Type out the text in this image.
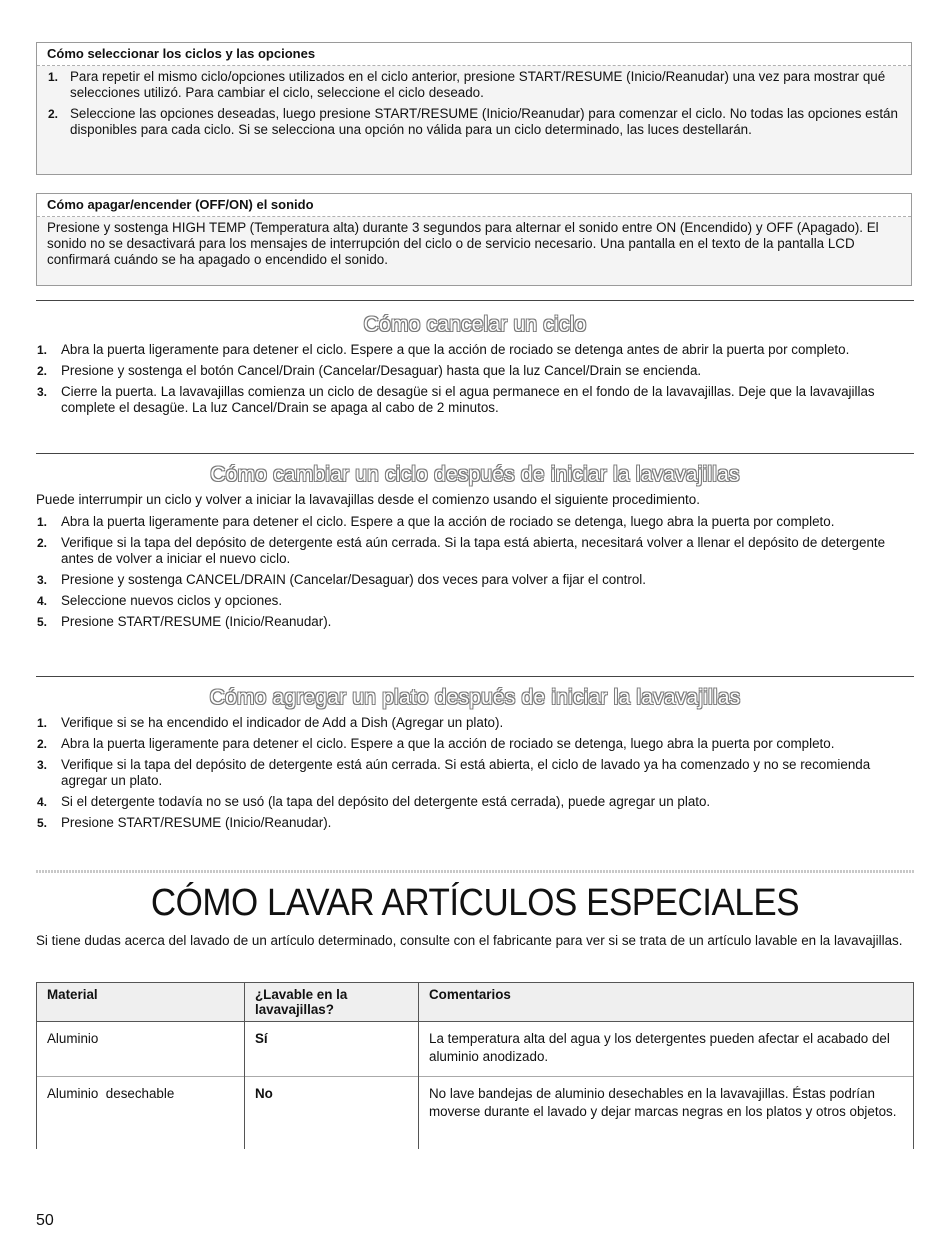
Cómo seleccionar los ciclos y las opciones
1. Para repetir el mismo ciclo/opciones utilizados en el ciclo anterior, presione START/RESUME (Inicio/Reanudar) una vez para mostrar qué selecciones utilizó. Para cambiar el ciclo, seleccione el ciclo deseado.
2. Seleccione las opciones deseadas, luego presione START/RESUME (Inicio/Reanudar) para comenzar el ciclo. No todas las opciones están disponibles para cada ciclo. Si se selecciona una opción no válida para un ciclo determinado, las luces destellarán.
Cómo apagar/encender (OFF/ON) el sonido
Presione y sostenga HIGH TEMP (Temperatura alta) durante 3 segundos para alternar el sonido entre ON (Encendido) y OFF (Apagado). El sonido no se desactivará para los mensajes de interrupción del ciclo o de servicio necesario. Una pantalla en el texto de la pantalla LCD confirmará cuándo se ha apagado o encendido el sonido.
Cómo cancelar un ciclo
1. Abra la puerta ligeramente para detener el ciclo. Espere a que la acción de rociado se detenga antes de abrir la puerta por completo.
2. Presione y sostenga el botón Cancel/Drain (Cancelar/Desaguar) hasta que la luz Cancel/Drain se encienda.
3. Cierre la puerta. La lavavajillas comienza un ciclo de desagüe si el agua permanece en el fondo de la lavavajillas. Deje que la lavavajillas complete el desagüe. La luz Cancel/Drain se apaga al cabo de 2 minutos.
Cómo cambiar un ciclo después de iniciar la lavavajillas

Puede interrumpir un ciclo y volver a iniciar la lavavajillas desde el comienzo usando el siguiente procedimiento.

1. Abra la puerta ligeramente para detener el ciclo. Espere a que la acción de rociado se detenga, luego abra la puerta por completo.
2. Verifique si la tapa del depósito de detergente está aún cerrada. Si la tapa está abierta, necesitará volver a llenar el depósito de detergente antes de volver a iniciar el nuevo ciclo.
3. Presione y sostenga CANCEL/DRAIN (Cancelar/Desaguar) dos veces para volver a fijar el control.
4. Seleccione nuevos ciclos y opciones.
5. Presione START/RESUME (Inicio/Reanudar).
Cómo agregar un plato después de iniciar la lavavajillas
1. Verifique si se ha encendido el indicador de Add a Dish (Agregar un plato).
2. Abra la puerta ligeramente para detener el ciclo. Espere a que la acción de rociado se detenga, luego abra la puerta por completo.
3. Verifique si la tapa del depósito de detergente está aún cerrada. Si está abierta, el ciclo de lavado ya ha comenzado y no se recomienda agregar un plato.
4. Si el detergente todavía no se usó (la tapa del depósito del detergente está cerrada), puede agregar un plato.
5. Presione START/RESUME (Inicio/Reanudar).
CÓMO LAVAR ARTÍCULOS ESPECIALES
Si tiene dudas acerca del lavado de un artículo determinado, consulte con el fabricante para ver si se trata de un artículo lavable en la lavavajillas.
Material	¿Lavable en la lavavajillas?	Comentarios
Aluminio	Sí	La temperatura alta del agua y los detergentes pueden afectar el acabado del aluminio anodizado.
Aluminio  desechable	No	No lave bandejas de aluminio desechables en la lavavajillas. Éstas podrían moverse durante el lavado y dejar marcas negras en los platos y otros objetos.
50
